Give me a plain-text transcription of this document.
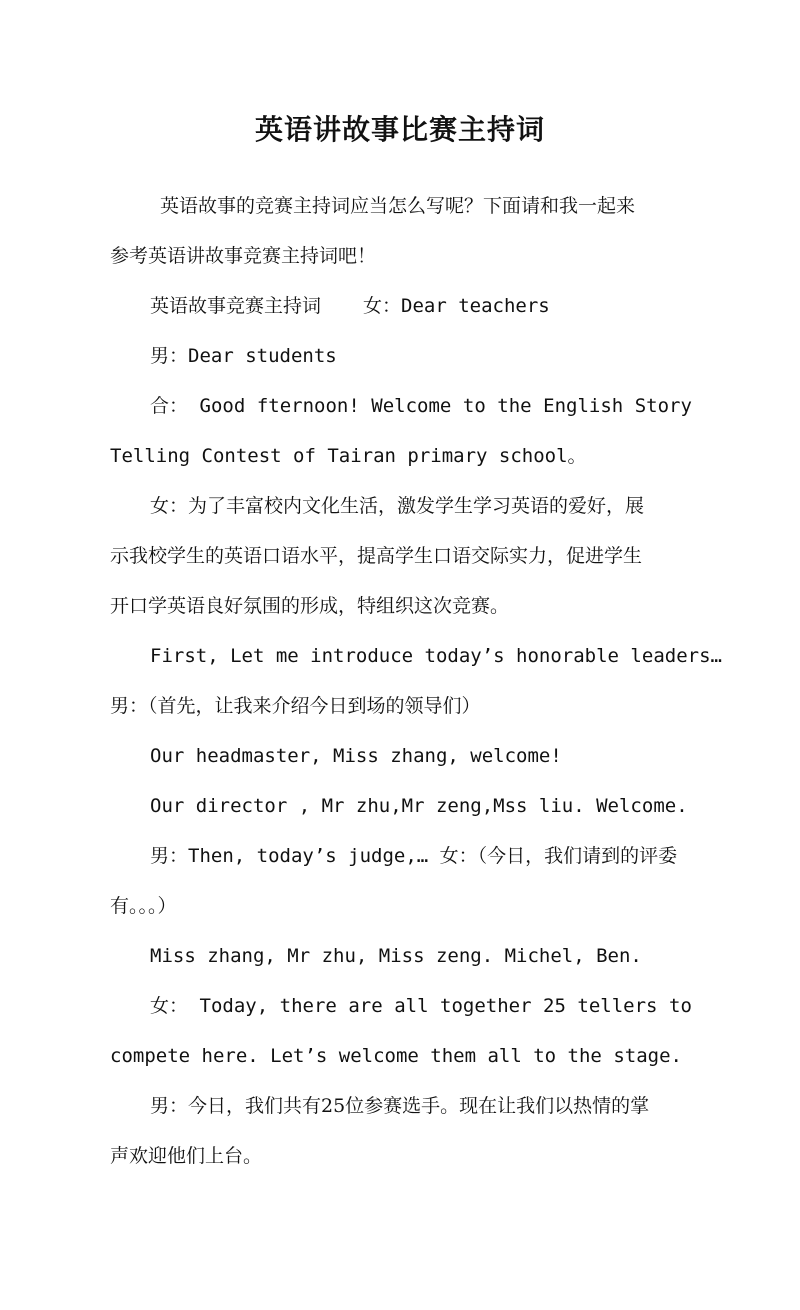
英语讲故事比赛主持词
英语故事的竞赛主持词应当怎么写呢？下面请和我一起来
参考英语讲故事竞赛主持词吧！
英语故事竞赛主持词 女：Dear teachers
男：Dear students
合： Good fternoon! Welcome to the English Story
Telling Contest of Tairan primary school。
女：为了丰富校内文化生活，激发学生学习英语的爱好，展
示我校学生的英语口语水平，提高学生口语交际实力，促进学生
开口学英语良好氛围的形成，特组织这次竞赛。
First, Let me introduce today’s honorable leaders…
男：（首先，让我来介绍今日到场的领导们）
Our headmaster, Miss zhang, welcome!
Our director , Mr zhu,Mr zeng,Mss liu. Welcome.
男：Then, today’s judge,… 女：（今日，我们请到的评委
有。。。）
Miss zhang, Mr zhu, Miss zeng. Michel, Ben.
女： Today, there are all together 25 tellers to
compete here. Let’s welcome them all to the stage.
男：今日，我们共有25位参赛选手。现在让我们以热情的掌
声欢迎他们上台。
